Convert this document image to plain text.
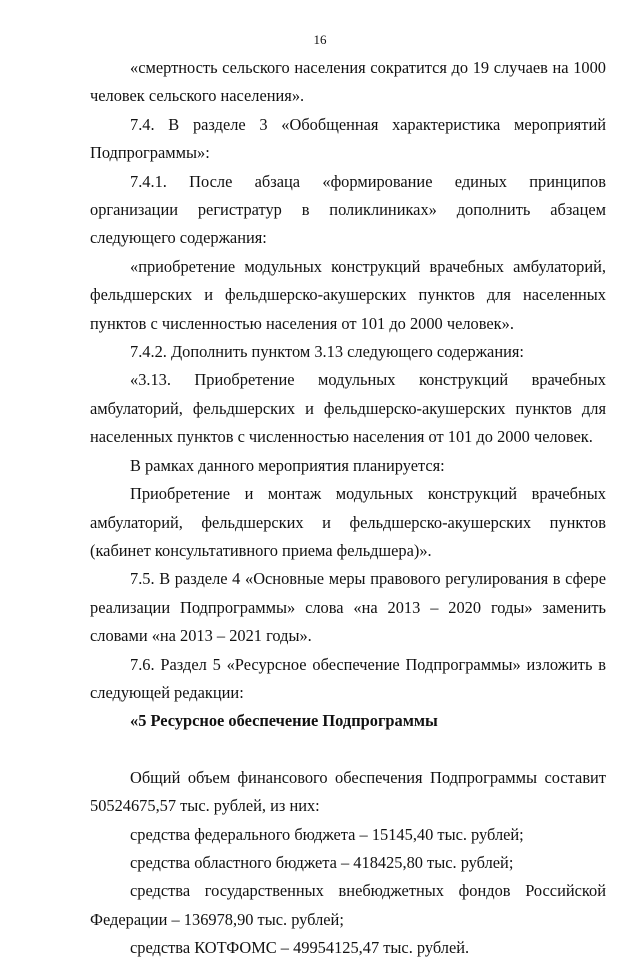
16

«смертность сельского населения сократится до 19 случаев на 1000 человек сельского населения».

7.4. В разделе 3 «Обобщенная характеристика мероприятий Подпрограммы»:

7.4.1. После абзаца «формирование единых принципов организации регистратур в поликлиниках» дополнить абзацем следующего содержания:

«приобретение модульных конструкций врачебных амбулаторий, фельдшерских и фельдшерско-акушерских пунктов для населенных пунктов с численностью населения от 101 до 2000 человек».

7.4.2. Дополнить пунктом 3.13 следующего содержания:

«3.13. Приобретение модульных конструкций врачебных амбулаторий, фельдшерских и фельдшерско-акушерских пунктов для населенных пунктов с численностью населения от 101 до 2000 человек.

В рамках данного мероприятия планируется:

Приобретение и монтаж модульных конструкций врачебных амбулаторий, фельдшерских и фельдшерско-акушерских пунктов (кабинет консультативного приема фельдшера)».

7.5. В разделе 4 «Основные меры правового регулирования в сфере реализации Подпрограммы» слова «на 2013 – 2020 годы» заменить словами «на 2013 – 2021 годы».

7.6. Раздел 5 «Ресурсное обеспечение Подпрограммы» изложить в следующей редакции:

«5 Ресурсное обеспечение Подпрограммы

Общий объем финансового обеспечения Подпрограммы составит 50524675,57 тыс. рублей, из них:

средства федерального бюджета – 15145,40 тыс. рублей;

средства областного бюджета – 418425,80 тыс. рублей;

средства государственных внебюджетных фондов Российской Федерации – 136978,90 тыс. рублей;

средства КОТФОМС – 49954125,47 тыс. рублей.
